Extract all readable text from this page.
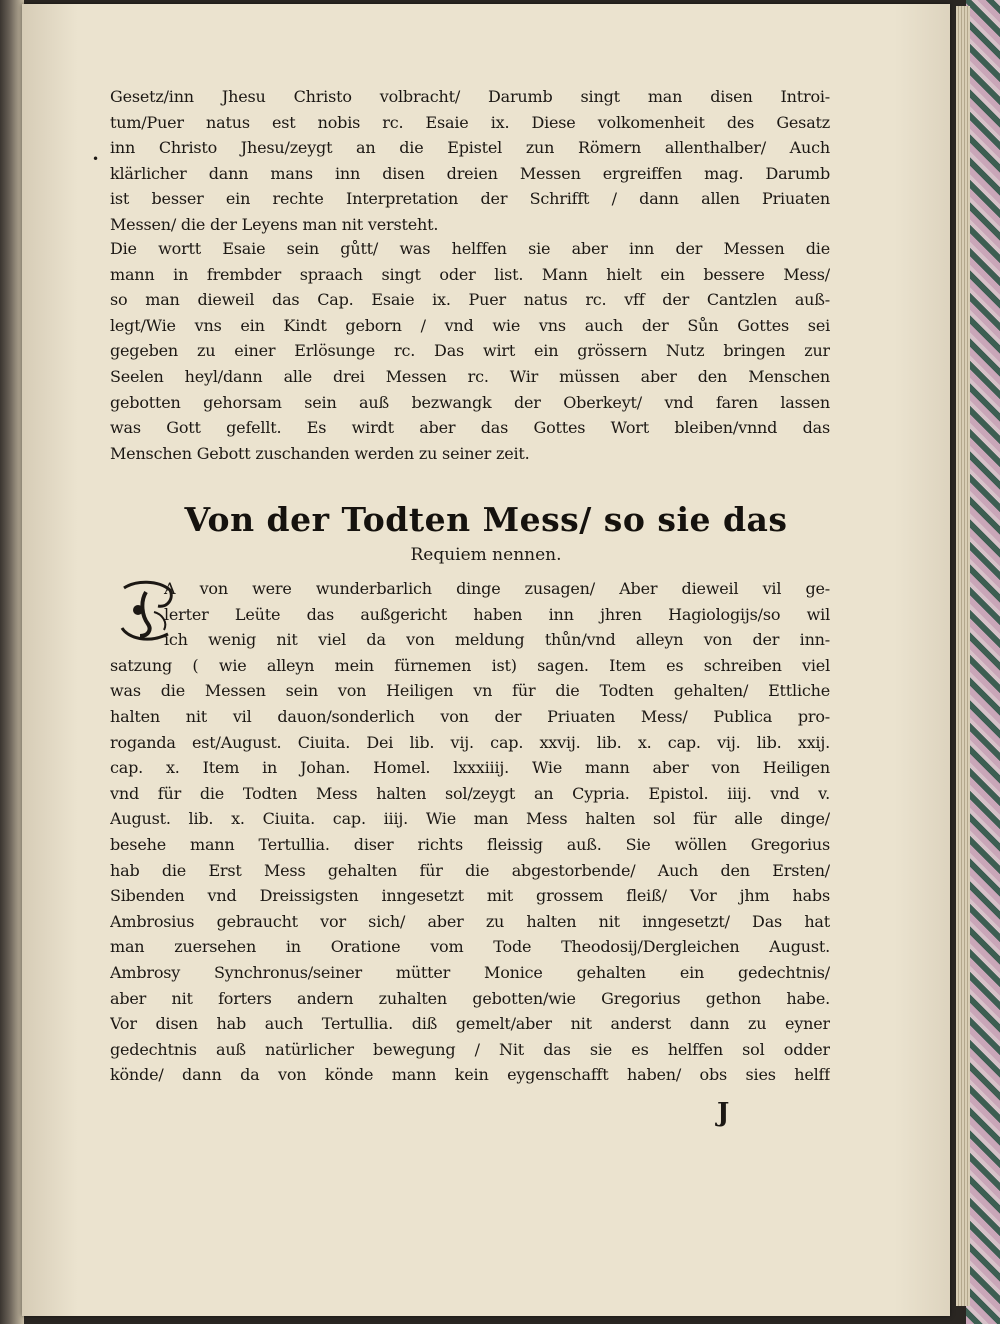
•
Gesetz/inn Jhesu Christo volbracht/ Darumb singt man disen Introi-
tum/Puer natus est nobis rc. Esaie ix. Diese volkomenheit des Gesatz
inn Christo Jhesu/zeygt an die Epistel zun Römern allenthalber/ Auch
klärlicher dann mans inn disen dreien Messen ergreiffen mag. Darumb
ist besser ein rechte Interpretation der Schrifft / dann allen Priuaten
Messen/ die der Leyens man nit versteht.
Die wortt Esaie sein gůtt/ was helffen sie aber inn der Messen die
mann in frembder spraach singt oder list. Mann hielt ein bessere Mess/
so man dieweil das Cap. Esaie ix. Puer natus rc. vff der Cantzlen auß-
legt/Wie vns ein Kindt geborn / vnd wie vns auch der Sůn Gottes sei
gegeben zu einer Erlösunge rc. Das wirt ein grössern Nutz bringen zur
Seelen heyl/dann alle drei Messen rc. Wir müssen aber den Menschen
gebotten gehorsam sein auß bezwangk der Oberkeyt/ vnd faren lassen
was Gott gefellt. Es wirdt aber das Gottes Wort bleiben/vnnd das
Menschen Gebott zuschanden werden zu seiner zeit.
Von der Todten Mess/ so sie das
Requiem nennen.
A von were wunderbarlich dinge zusagen/ Aber dieweil vil ge-
lerter Leüte das außgericht haben inn jhren Hagiologijs/so wil
ich wenig nit viel da von meldung thůn/vnd alleyn von der inn-
satzung ( wie alleyn mein fürnemen ist) sagen. Item es schreiben viel
was die Messen sein von Heiligen vn für die Todten gehalten/ Ettliche
halten nit vil dauon/sonderlich von der Priuaten Mess/ Publica pro-
roganda est/August. Ciuita. Dei lib. vij. cap. xxvij. lib. x. cap. vij. lib. xxij.
cap. x. Item in Johan. Homel. lxxxiiij. Wie mann aber von Heiligen
vnd für die Todten Mess halten sol/zeygt an Cypria. Epistol. iiij. vnd v.
August. lib. x. Ciuita. cap. iiij. Wie man Mess halten sol für alle dinge/
besehe mann Tertullia. diser richts fleissig auß. Sie wöllen Gregorius
hab die Erst Mess gehalten für die abgestorbende/ Auch den Ersten/
Sibenden vnd Dreissigsten inngesetzt mit grossem fleiß/ Vor jhm habs
Ambrosius gebraucht vor sich/ aber zu halten nit inngesetzt/ Das hat
man zuersehen in Oratione vom Tode Theodosij/Dergleichen August.
Ambrosy Synchronus/seiner mütter Monice gehalten ein gedechtnis/
aber nit forters andern zuhalten gebotten/wie Gregorius gethon habe.
Vor disen hab auch Tertullia. diß gemelt/aber nit anderst dann zu eyner
gedechtnis auß natürlicher bewegung / Nit das sie es helffen sol odder
könde/ dann da von könde mann kein eygenschafft haben/ obs sies helff
J
